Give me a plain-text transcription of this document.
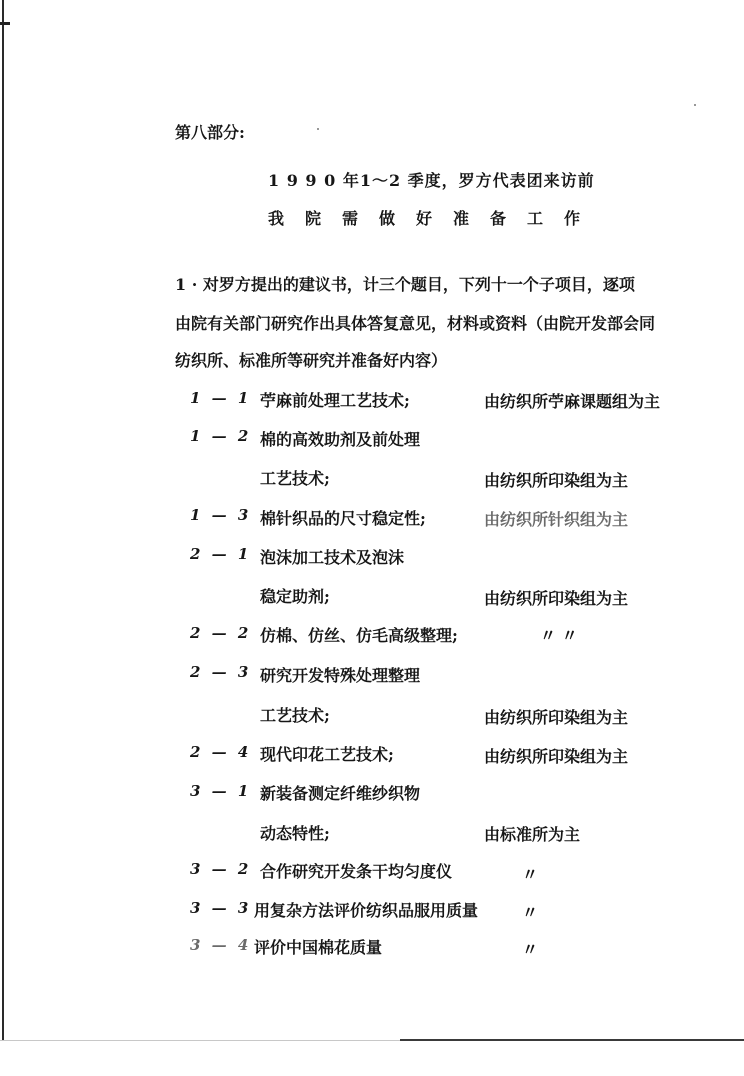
第八部分:
1 9 9 0 年1～2 季度，罗方代表团来访前
我院需做好准备工作
1 · 对罗方提出的建议书，计三个题目，下列十一个子项目，逐项
由院有关部门研究作出具体答复意见，材料或资料（由院开发部会同
纺织所、标准所等研究并准备好内容）
1 — 1 苧麻前处理工艺技术;	由纺织所苧麻课题组为主
1 — 2 棉的高效助剂及前处理
工艺技术;	由纺织所印染组为主
1 — 3 棉针织品的尺寸稳定性;	由纺织所针织组为主
2 — 1 泡沫加工技术及泡沫
稳定助剂;	由纺织所印染组为主
2 — 2 仿棉、仿丝、仿毛高级整理;	〃 〃
2 — 3 研究开发特殊处理整理
工艺技术;	由纺织所印染组为主
2 — 4 现代印花工艺技术;	由纺织所印染组为主
3 — 1 新装备测定纤维纱织物
动态特性;	由标准所为主
3 — 2 合作研究开发条干均匀度仪	〃
3 — 3 用复杂方法评价纺织品服用质量	〃
3 — 4 评价中国棉花质量	〃
